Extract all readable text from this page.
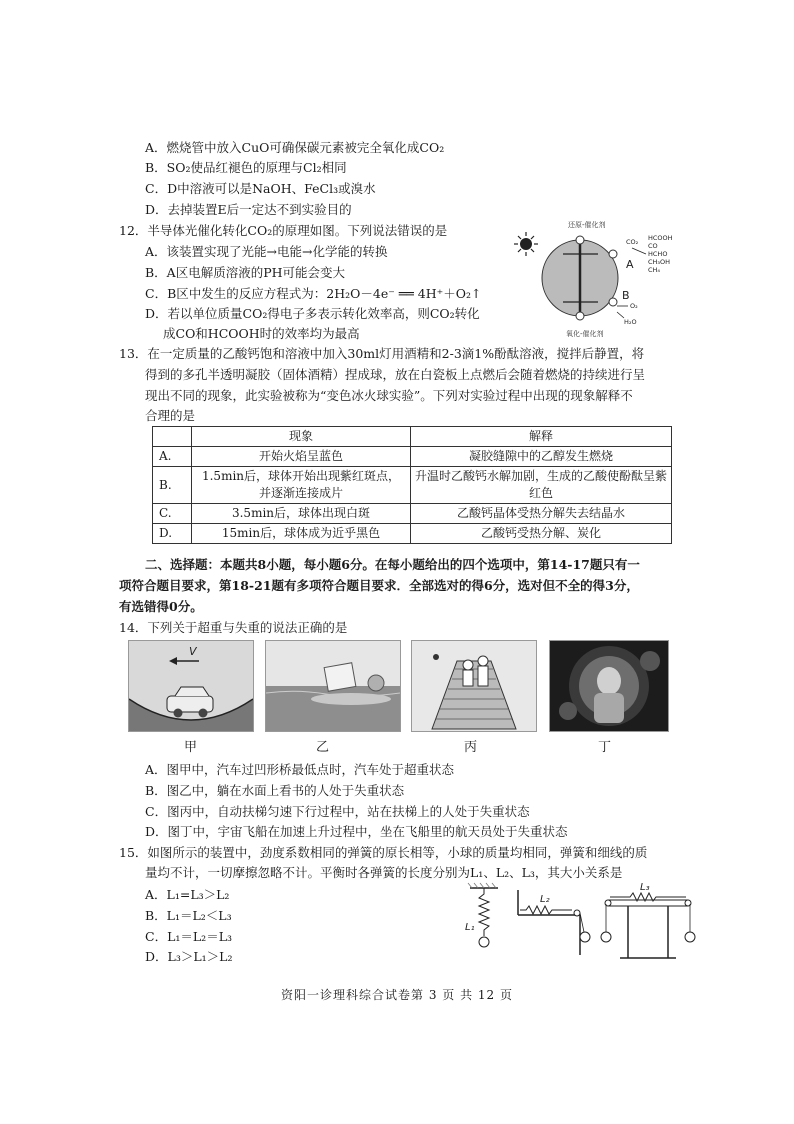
A．燃烧管中放入CuO可确保碳元素被完全氧化成CO₂
B．SO₂使品红褪色的原理与Cl₂相同
C．D中溶液可以是NaOH、FeCl₃或溴水
D．去掉装置E后一定达不到实验目的
12．半导体光催化转化CO₂的原理如图。下列说法错误的是
A．该装置实现了光能→电能→化学能的转换
B．A区电解质溶液的PH可能会变大
C．B区中发生的反应方程式为：2H₂O－4e⁻ ══ 4H⁺＋O₂↑
D．若以单位质量CO₂得电子多表示转化效率高，则CO₂转化
成CO和HCOOH时的效率均为最高
还原-催化剂
氧化-催化剂
A
B
CO₂ HCOOH
CO
HCHO
CH₃OH
CH₄
O₂
H₂O
13．在一定质量的乙酸钙饱和溶液中加入30ml灯用酒精和2-3滴1%酚酞溶液，搅拌后静置，将
得到的多孔半透明凝胶（固体酒精）捏成球，放在白瓷板上点燃后会随着燃烧的持续进行呈
现出不同的现象，此实验被称为“变色冰火球实验”。下列对实验过程中出现的现象解释不
合理的是
	现象	解释
A.	开始火焰呈蓝色	凝胶缝隙中的乙醇发生燃烧
B.	1.5min后，球体开始出现紫红斑点，并逐渐连接成片	升温时乙酸钙水解加剧，生成的乙酸使酚酞呈紫红色
C.	3.5min后，球体出现白斑	乙酸钙晶体受热分解失去结晶水
D.	15min后，球体成为近乎黑色	乙酸钙受热分解、炭化
二、选择题：本题共8小题，每小题6分。在每小题给出的四个选项中，第14-17题只有一
项符合题目要求，第18-21题有多项符合题目要求．全部选对的得6分，选对但不全的得3分，
有选错得0分。
14．下列关于超重与失重的说法正确的是
V
甲	乙	丙	丁
A．图甲中，汽车过凹形桥最低点时，汽车处于超重状态
B．图乙中，躺在水面上看书的人处于失重状态
C．图丙中，自动扶梯匀速下行过程中，站在扶梯上的人处于失重状态
D．图丁中，宇宙飞船在加速上升过程中，坐在飞船里的航天员处于失重状态
15．如图所示的装置中，劲度系数相同的弹簧的原长相等，小球的质量均相同，弹簧和细线的质
量均不计，一切摩擦忽略不计。平衡时各弹簧的长度分别为L₁、L₂、L₃，其大小关系是
A．L₁=L₃＞L₂
B．L₁＝L₂＜L₃
C．L₁＝L₂＝L₃
D．L₃＞L₁＞L₂
L₁
L₂
L₃
资阳一诊理科综合试卷第 3 页 共 12 页
